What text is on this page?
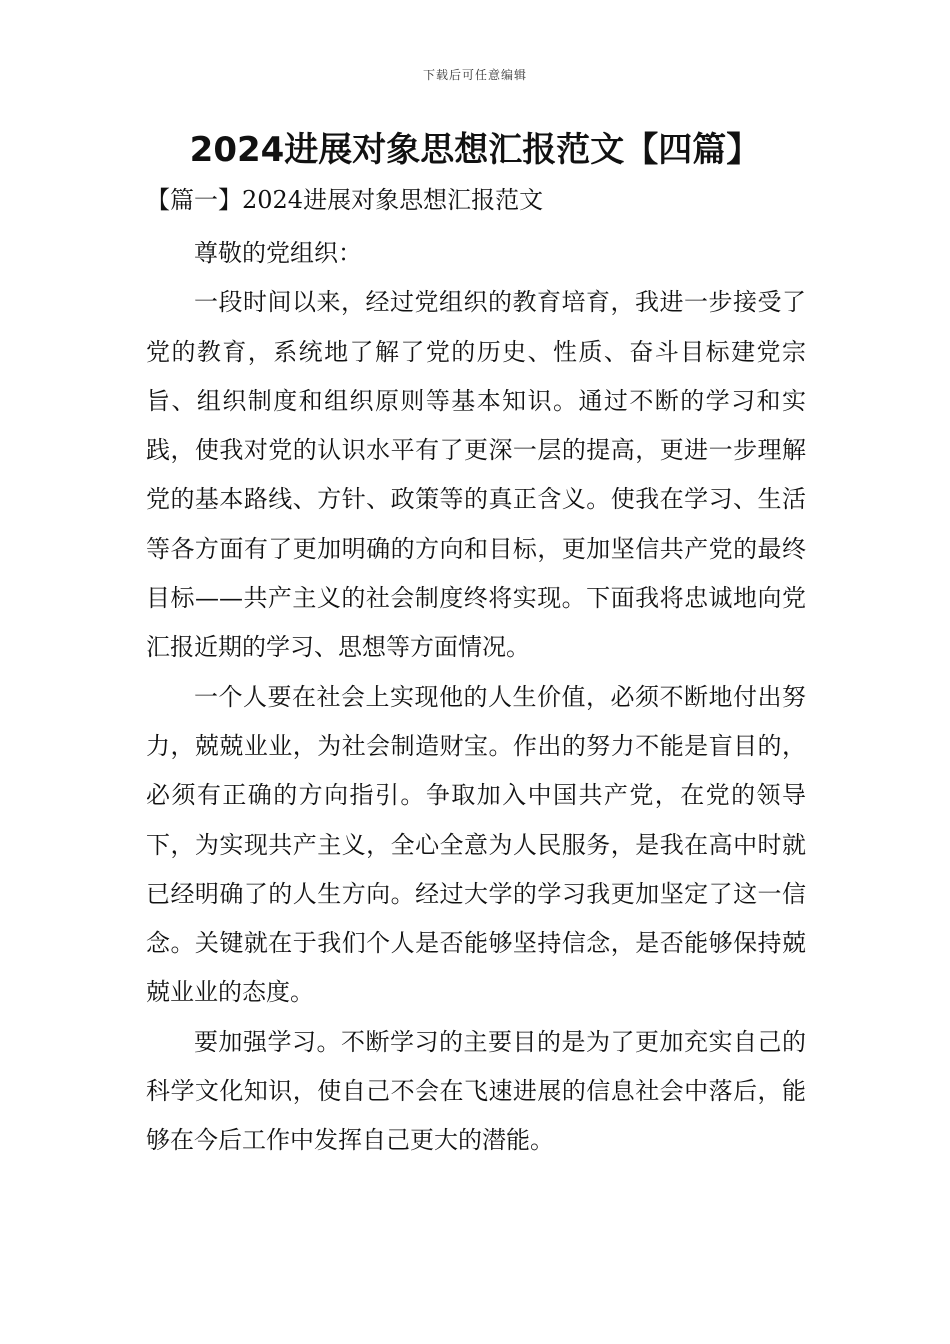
下载后可任意编辑
2024进展对象思想汇报范文【四篇】
【篇一】2024进展对象思想汇报范文

尊敬的党组织：

一段时间以来，经过党组织的教育培育，我进一步接受了党的教育，系统地了解了党的历史、性质、奋斗目标建党宗旨、组织制度和组织原则等基本知识。通过不断的学习和实践，使我对党的认识水平有了更深一层的提高，更进一步理解党的基本路线、方针、政策等的真正含义。使我在学习、生活等各方面有了更加明确的方向和目标，更加坚信共产党的最终目标——共产主义的社会制度终将实现。下面我将忠诚地向党汇报近期的学习、思想等方面情况。

一个人要在社会上实现他的人生价值，必须不断地付出努力，兢兢业业，为社会制造财宝。作出的努力不能是盲目的，必须有正确的方向指引。争取加入中国共产党，在党的领导下，为实现共产主义，全心全意为人民服务，是我在高中时就已经明确了的人生方向。经过大学的学习我更加坚定了这一信念。关键就在于我们个人是否能够坚持信念，是否能够保持兢兢业业的态度。

要加强学习。不断学习的主要目的是为了更加充实自己的科学文化知识，使自己不会在飞速进展的信息社会中落后，能够在今后工作中发挥自己更大的潜能。
